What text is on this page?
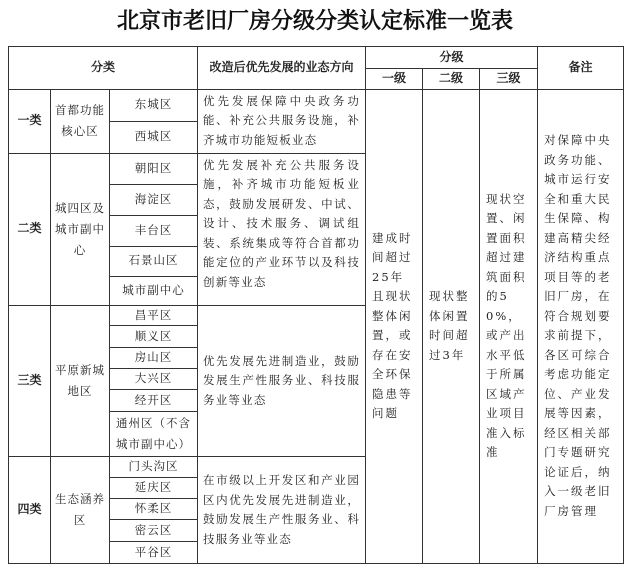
北京市老旧厂房分级分类认定标准一览表
分类			改造后优先发展的业态方向	分级			备注
				一级	二级	三级	
一类	首都功能核心区	东城区	优先发展保障中央政务功能、补充公共服务设施，补齐城市功能短板业态	建成时间超过25年且现状整体闲置，或存在安全环保隐患等问题	现状整体闲置时间超过3年	现状空置、闲置面积超过建筑面积的50%，或产出水平低于所属区域产业项目准入标准	对保障中央政务功能、城市运行安全和重大民生保障、构建高精尖经济结构重点项目等的老旧厂房，在符合规划要求前提下，各区可综合考虑功能定位、产业发展等因素，经区相关部门专题研究论证后，纳入一级老旧厂房管理
		西城区					
二类	城四区及城市副中心	朝阳区	优先发展补充公共服务设施，补齐城市功能短板业态，鼓励发展研发、中试、设计、技术服务、调试组装、系统集成等符合首都功能定位的产业环节以及科技创新等业态				
		海淀区					
		丰台区					
		石景山区					
		城市副中心					
三类	平原新城地区	昌平区	优先发展先进制造业，鼓励发展生产性服务业、科技服务业等业态				
		顺义区					
		房山区					
		大兴区					
		经开区					
		通州区（不含城市副中心）					
四类	生态涵养区	门头沟区	在市级以上开发区和产业园区内优先发展先进制造业，鼓励发展生产性服务业、科技服务业等业态				
		延庆区					
		怀柔区					
		密云区					
		平谷区					
